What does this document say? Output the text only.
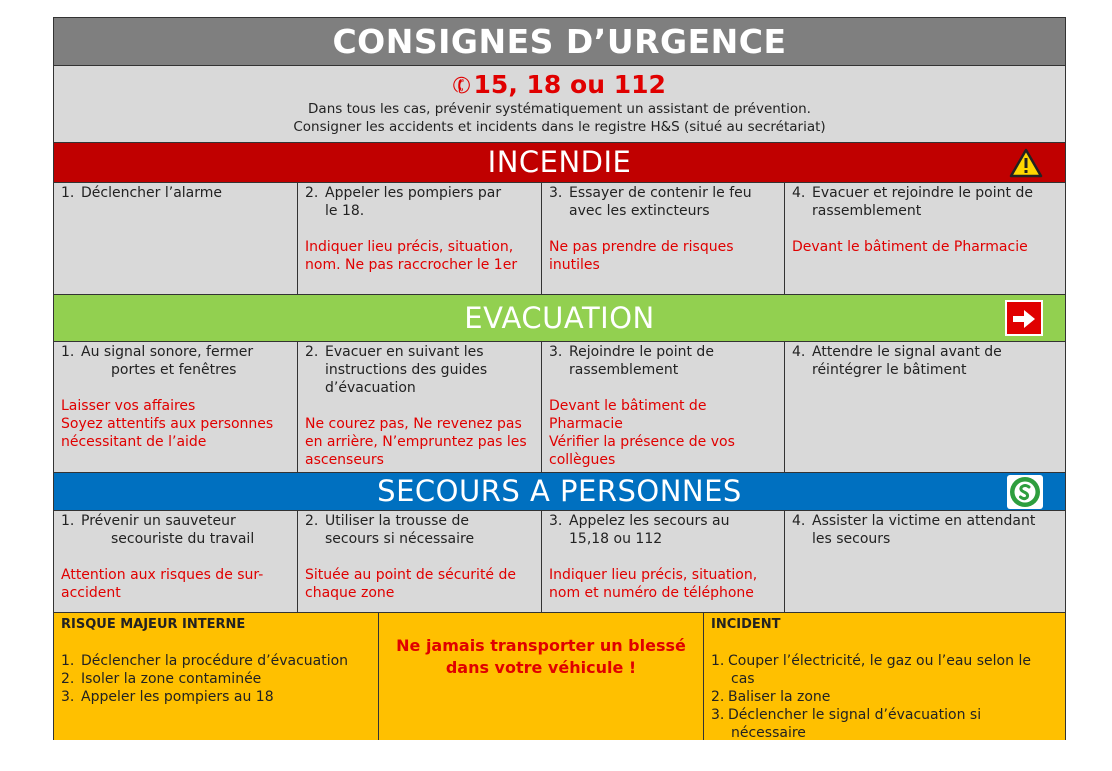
CONSIGNES D’URGENCE
✆15, 18 ou 112
Dans tous les cas, prévenir systématiquement un assistant de prévention.
Consigner les accidents et incidents dans le registre H&S (situé au secrétariat)
INCENDIE
1. Déclencher l’alarme	2. Appeler les pompiers par
le 18.
Indiquer lieu précis, situation, nom. Ne pas raccrocher le 1er
3. Essayer de contenir le feu
avec les extincteurs
Ne pas prendre de risques inutiles
4. Evacuer et rejoindre le point de
rassemblement
Devant le bâtiment de Pharmacie
EVACUATION
1. Au signal sonore, fermer
portes et fenêtres
Laisser vos affaires
Soyez attentifs aux personnes nécessitant de l’aide
2. Evacuer en suivant les
instructions des guides
d’évacuation
Ne courez pas, Ne revenez pas en arrière, N’empruntez pas les ascenseurs
3. Rejoindre le point de
rassemblement
Devant le bâtiment de Pharmacie
Vérifier la présence de vos collègues
4. Attendre le signal avant de
réintégrer le bâtiment
SECOURS A PERSONNES
1. Prévenir un sauveteur
secouriste du travail
Attention aux risques de sur-accident
2. Utiliser la trousse de
secours si nécessaire
Située au point de sécurité de chaque zone
3. Appelez les secours au
15,18 ou 112
Indiquer lieu précis, situation, nom et numéro de téléphone
4. Assister la victime en attendant
les secours
RISQUE MAJEUR INTERNE
1. Déclencher la procédure d’évacuation
2. Isoler la zone contaminée
3. Appeler les pompiers au 18
Ne jamais transporter un blessé
dans votre véhicule !
INCIDENT
1. Couper l’électricité, le gaz ou l’eau selon le
cas
2. Baliser la zone
3. Déclencher le signal d’évacuation si
nécessaire
